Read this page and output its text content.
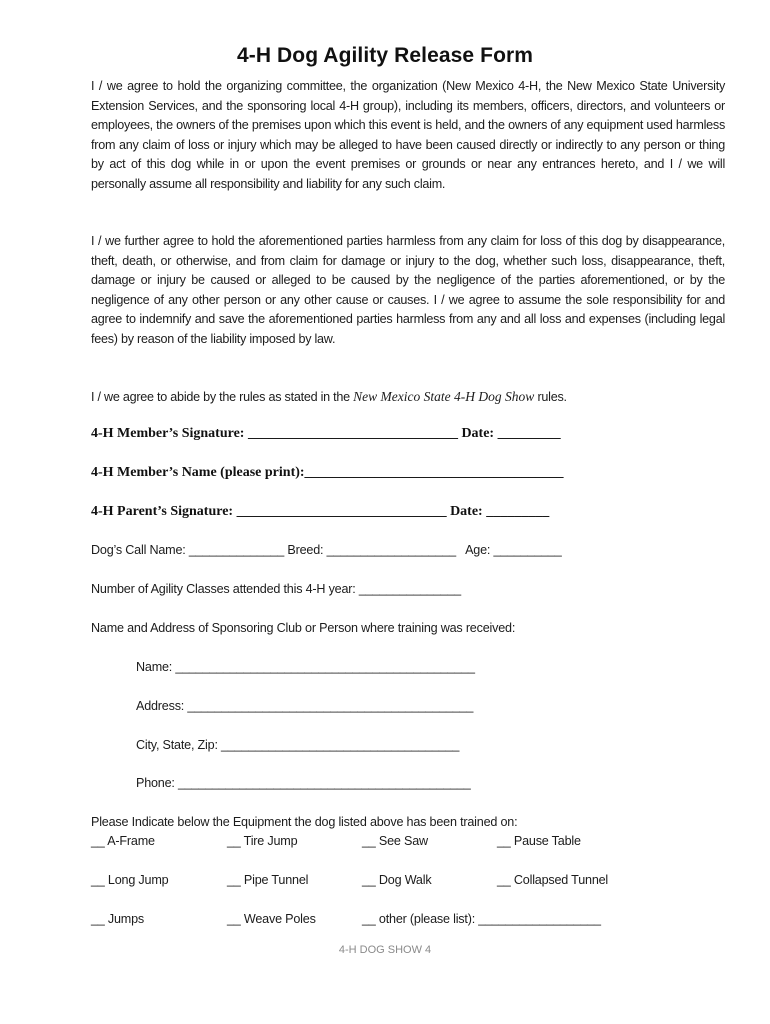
4-H Dog Agility Release Form

I / we agree to hold the organizing committee, the organization (New Mexico 4-H, the New Mexico State University Extension Services, and the sponsoring local 4-H group), including its members, officers, directors, and volunteers or employees, the owners of the premises upon which this event is held, and the owners of any equipment used harmless from any claim of loss or injury which may be alleged to have been caused directly or indirectly to any person or thing by act of this dog while in or upon the event premises or grounds or near any entrances hereto, and I / we will personally assume all responsibility and liability for any such claim.

I / we further agree to hold the aforementioned parties harmless from any claim for loss of this dog by disappearance, theft, death, or otherwise, and from claim for damage or injury to the dog, whether such loss, disappearance, theft, damage or injury be caused or alleged to be caused by the negligence of the parties aforementioned, or by the negligence of any other person or any other cause or causes. I / we agree to assume the sole responsibility for and agree to indemnify and save the aforementioned parties harmless from any and all loss and expenses (including legal fees) by reason of the liability imposed by law.

I / we agree to abide by the rules as stated in the New Mexico State 4-H Dog Show rules.

4-H Member’s Signature: ______________________________ Date: _________
4-H Member’s Name (please print):_____________________________________
4-H Parent’s Signature: ______________________________ Date: _________
Dog’s Call Name: ______________ Breed: ___________________   Age: __________
Number of Agility Classes attended this 4-H year: _______________
Name and Address of Sponsoring Club or Person where training was received:
Name: ____________________________________________
Address: __________________________________________
City, State, Zip: ___________________________________
Phone: ___________________________________________
Please Indicate below the Equipment the dog listed above has been trained on:
__ A-Frame	__ Tire Jump	__ See Saw	__ Pause Table
__ Long Jump	__ Pipe Tunnel	__ Dog Walk	__ Collapsed Tunnel
__ Jumps	__ Weave Poles	__ other (please list): __________________
4-H DOG SHOW 4
